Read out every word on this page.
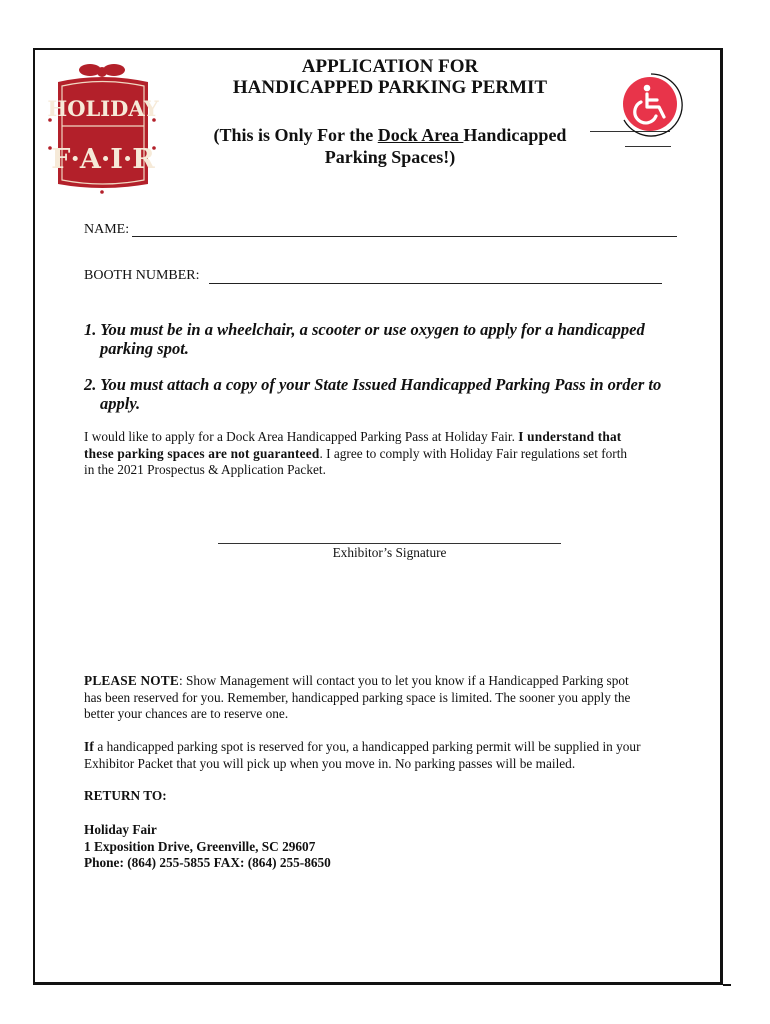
HOLIDAY
F·A·I·R
APPLICATION FOR
HANDICAPPED PARKING PERMIT
(This is Only For the Dock Area Handicapped
Parking Spaces!)
NAME:
BOOTH NUMBER:
1. You must be in a wheelchair, a scooter or use oxygen to apply for a handicapped
parking spot.
2. You must attach a copy of your State Issued Handicapped Parking Pass in order to
apply.
I would like to apply for a Dock Area Handicapped Parking Pass at Holiday Fair. I understand that
these parking spaces are not guaranteed. I agree to comply with Holiday Fair regulations set forth
in the 2021 Prospectus & Application Packet.
Exhibitor’s Signature
PLEASE NOTE: Show Management will contact you to let you know if a Handicapped Parking spot
has been reserved for you. Remember, handicapped parking space is limited. The sooner you apply the
better your chances are to reserve one.
If a handicapped parking spot is reserved for you, a handicapped parking permit will be supplied in your
Exhibitor Packet that you will pick up when you move in. No parking passes will be mailed.
RETURN TO:
Holiday Fair
1 Exposition Drive, Greenville, SC 29607
Phone: (864) 255-5855 FAX: (864) 255-8650
